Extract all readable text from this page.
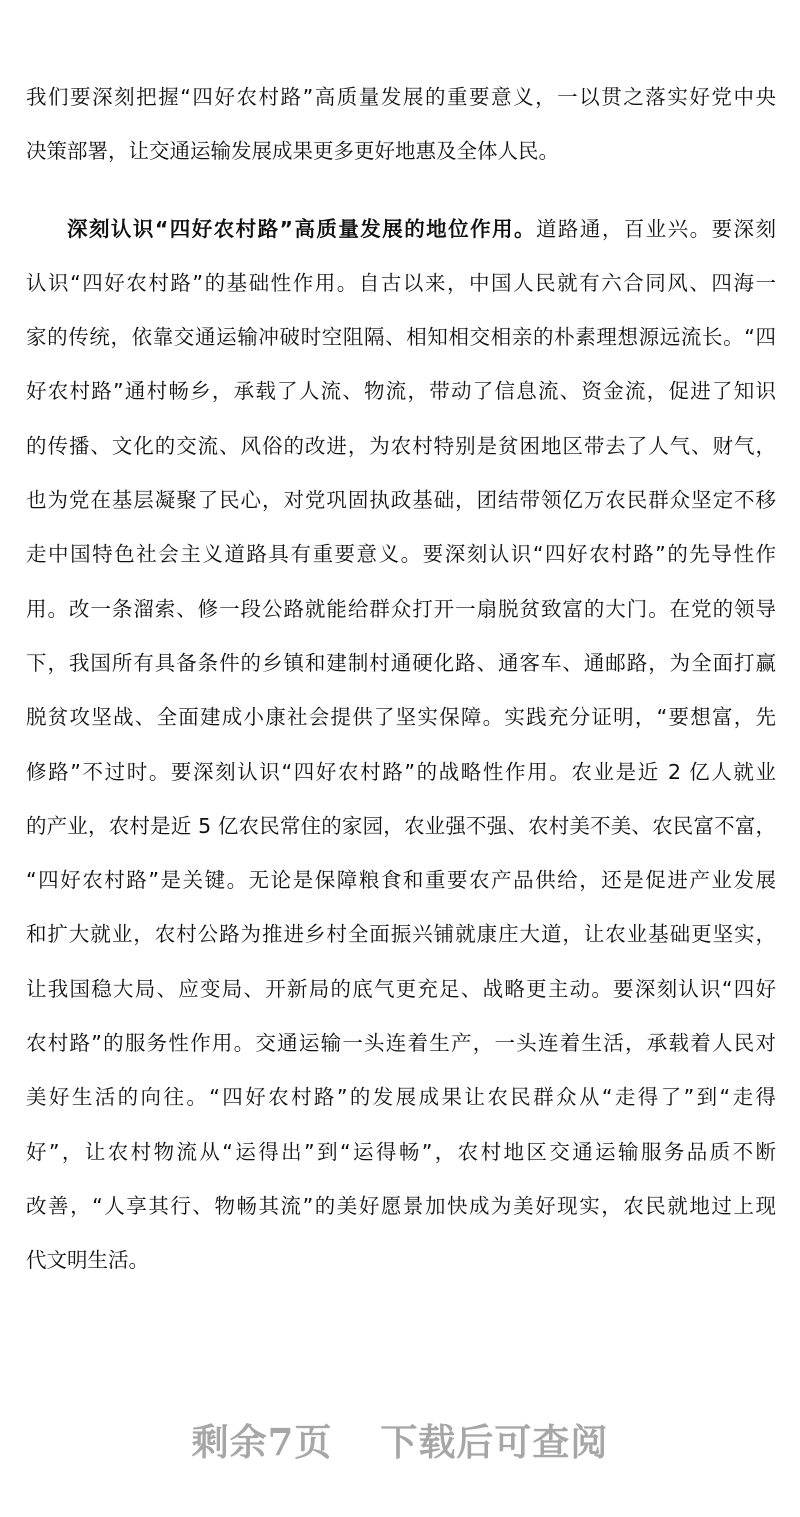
我们要深刻把握“四好农村路”高质量发展的重要意义，一以贯之落实好党中央
决策部署，让交通运输发展成果更多更好地惠及全体人民。
深刻认识“四好农村路”高质量发展的地位作用。道路通，百业兴。要深刻
认识“四好农村路”的基础性作用。自古以来，中国人民就有六合同风、四海一
家的传统，依靠交通运输冲破时空阻隔、相知相交相亲的朴素理想源远流长。“四
好农村路”通村畅乡，承载了人流、物流，带动了信息流、资金流，促进了知识
的传播、文化的交流、风俗的改进，为农村特别是贫困地区带去了人气、财气，
也为党在基层凝聚了民心，对党巩固执政基础，团结带领亿万农民群众坚定不移
走中国特色社会主义道路具有重要意义。要深刻认识“四好农村路”的先导性作
用。改一条溜索、修一段公路就能给群众打开一扇脱贫致富的大门。在党的领导
下，我国所有具备条件的乡镇和建制村通硬化路、通客车、通邮路，为全面打赢
脱贫攻坚战、全面建成小康社会提供了坚实保障。实践充分证明，“要想富，先
修路”不过时。要深刻认识“四好农村路”的战略性作用。农业是近 2 亿人就业
的产业，农村是近 5 亿农民常住的家园，农业强不强、农村美不美、农民富不富，
“四好农村路”是关键。无论是保障粮食和重要农产品供给，还是促进产业发展
和扩大就业，农村公路为推进乡村全面振兴铺就康庄大道，让农业基础更坚实，
让我国稳大局、应变局、开新局的底气更充足、战略更主动。要深刻认识“四好
农村路”的服务性作用。交通运输一头连着生产，一头连着生活，承载着人民对
美好生活的向往。“四好农村路”的发展成果让农民群众从“走得了”到“走得
好”，让农村物流从“运得出”到“运得畅”，农村地区交通运输服务品质不断
改善，“人享其行、物畅其流”的美好愿景加快成为美好现实，农民就地过上现
代文明生活。
剩余7页 下载后可查阅
